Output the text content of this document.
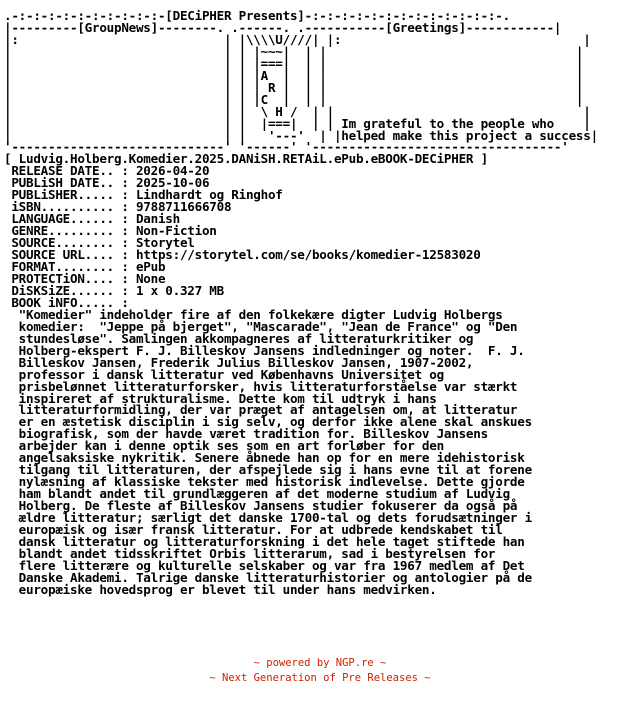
.-:-:-:-:-:-:-:-:-:-:-[DECiPHER Presents]-:-:-:-:-:-:-:-:-:-:-:-:-:-.
|---------[GroupNews]--------. .------. .-----------[Greetings]------------|
|:                            | |\\\\U////| |:                                 |
|                             | | |~~~|  | |                                  |
|                             | | |===|  | |                                  |
|                             | | |A  |  | |                                  |
|                             | | | R |  | |                                  |
|                             | | |C  |  | |                                  |
|                             | |  \ H /  | |                                  |
|                             | |  |===|  | | Im grateful to the people who    |
|                             | |   '---'  | |helped make this project a success|
'-----------------------------' '------' '----------------------------------'
[ Ludvig.Holberg.Komedier.2025.DANiSH.RETAiL.ePub.eBOOK-DECiPHER ]
RELEASE DATE.. : 2026-04-20
PUBLiSH DATE.. : 2025-10-06
PUBLiSHER..... : Lindhardt og Ringhof
iSBN.......... : 9788711666708
LANGUAGE...... : Danish
GENRE......... : Non-Fiction
SOURCE........ : Storytel
SOURCE URL.... : https://storytel.com/se/books/komedier-12583020
FORMAT........ : ePub
PROTECTiON.... : None
DiSKSiZE...... : 1 x 0.327 MB
BOOK iNFO..... :
"Komedier" indeholder fire af den folkekære digter Ludvig Holbergs
komedier:  "Jeppe på bjerget", "Mascarade", "Jean de France" og "Den
stundesløse". Samlingen akkompagneres af litteraturkritiker og
Holberg-ekspert F. J. Billeskov Jansens indledninger og noter.  F. J.
Billeskov Jansen, Frederik Julius Billeskov Jansen, 1907-2002,
professor i dansk litteratur ved Københavns Universitet og
prisbelønnet litteraturforsker, hvis litteraturforståelse var stærkt
inspireret af strukturalisme. Dette kom til udtryk i hans
litteraturformidling, der var præget af antagelsen om, at litteratur
er en æstetisk disciplin i sig selv, og derfor ikke alene skal anskues
biografisk, som der havde været tradition for. Billeskov Jansens
arbejder kan i denne optik ses som en art forløber for den
angelsaksiske nykritik. Senere åbnede han op for en mere idehistorisk
tilgang til litteraturen, der afspejlede sig i hans evne til at forene
nylæsning af klassiske tekster med historisk indlevelse. Dette gjorde
ham blandt andet til grundlæggeren af det moderne studium af Ludvig
Holberg. De fleste af Billeskov Jansens studier fokuserer da også på
ældre litteratur; særligt det danske 1700-tal og dets forudsætninger i
europæisk og især fransk litteratur. For at udbrede kendskabet til
dansk litteratur og litteraturforskning i det hele taget stiftede han
blandt andet tidsskriftet Orbis litterarum, sad i bestyrelsen for
flere litterære og kulturelle selskaber og var fra 1967 medlem af Det
Danske Akademi. Talrige danske litteraturhistorier og antologier på de
europæiske hovedsprog er blevet til under hans medvirken.

~ powered by NGP.re ~
~ Next Generation of Pre Releases ~
